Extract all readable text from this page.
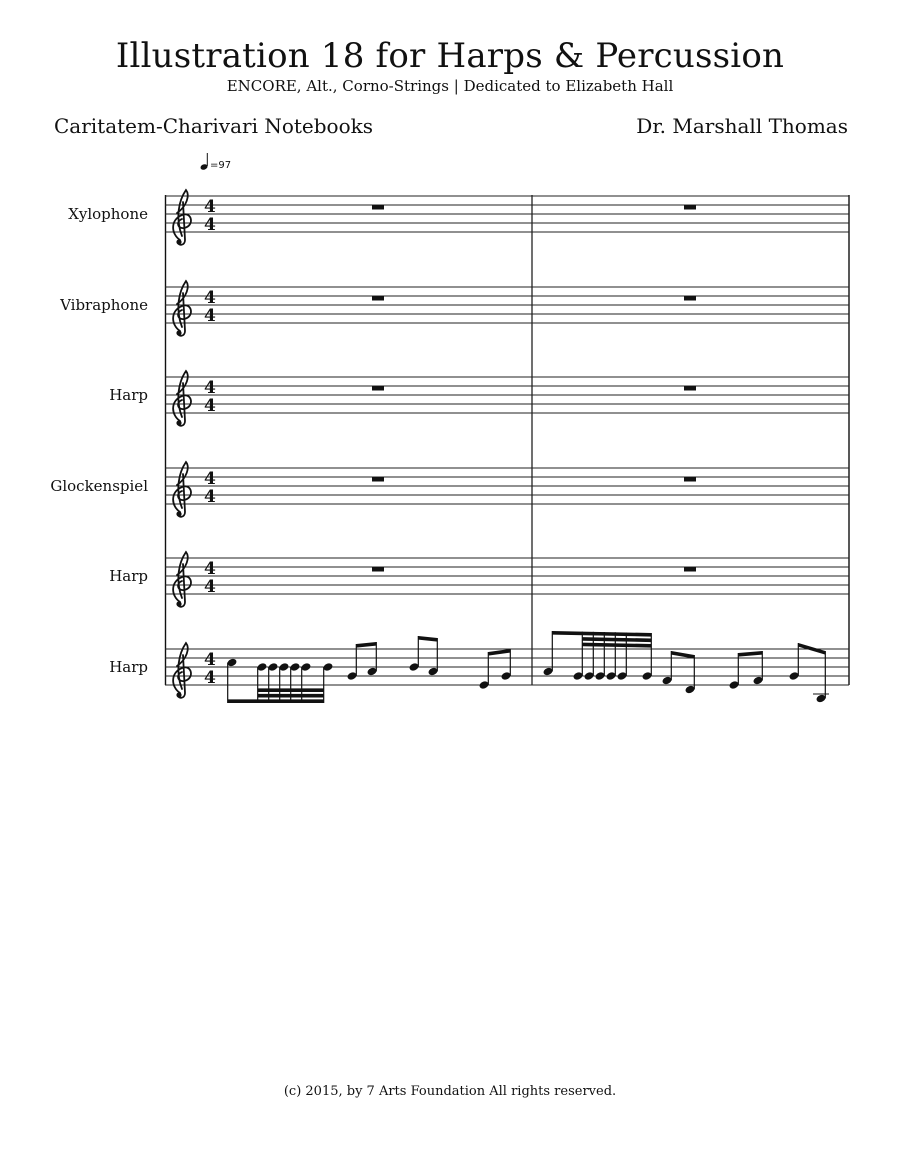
Illustration 18 for Harps & Percussion
ENCORE, Alt., Corno-Strings | Dedicated to Elizabeth Hall
Caritatem-Charivari Notebooks	Dr. Marshall Thomas
=97
Xylophone	4
4
Vibraphone	4
4
Harp	4
4
Glockenspiel	4
4
Harp	4
4
Harp	4
4
(c) 2015, by 7 Arts Foundation All rights reserved.
